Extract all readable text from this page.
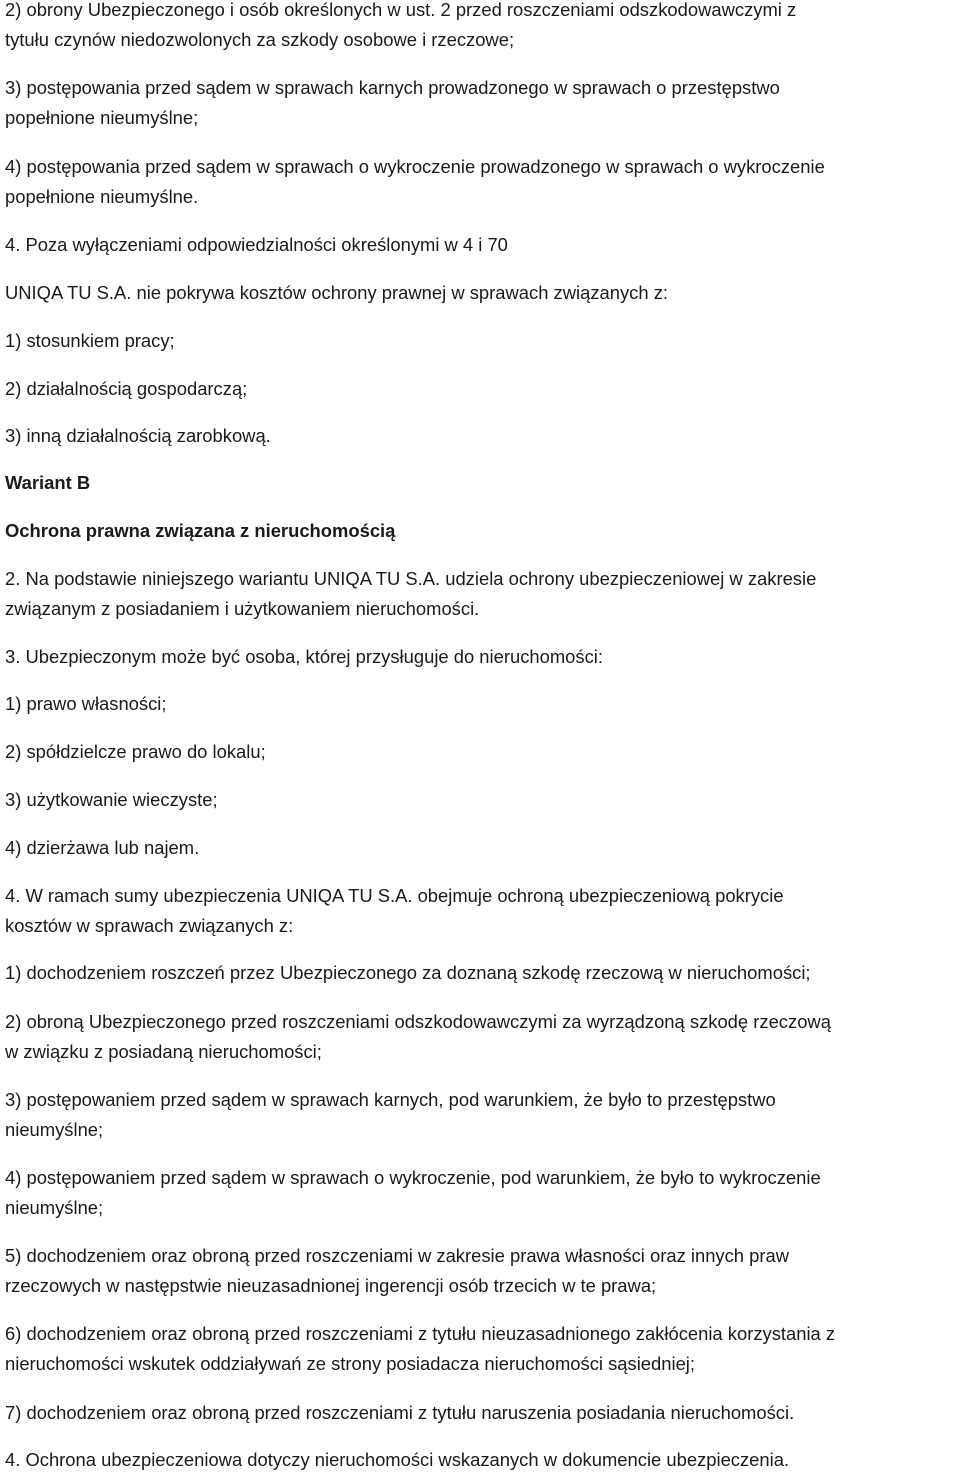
2) obrony Ubezpieczonego i osób określonych w ust. 2 przed roszczeniami odszkodowawczymi z

tytułu czynów niedozwolonych za szkody osobowe i rzeczowe;

3) postępowania przed sądem w sprawach karnych prowadzonego w sprawach o przestępstwo

popełnione nieumyślne;

4) postępowania przed sądem w sprawach o wykroczenie prowadzonego w sprawach o wykroczenie

popełnione nieumyślne.

4. Poza wyłączeniami odpowiedzialności określonymi w 4 i 70

UNIQA TU S.A. nie pokrywa kosztów ochrony prawnej w sprawach związanych z:

1) stosunkiem pracy;

2) działalnością gospodarczą;

3) inną działalnością zarobkową.

Wariant B

Ochrona prawna związana z nieruchomością

2. Na podstawie niniejszego wariantu UNIQA TU S.A. udziela ochrony ubezpieczeniowej w zakresie

związanym z posiadaniem i użytkowaniem nieruchomości.

3. Ubezpieczonym może być osoba, której przysługuje do nieruchomości:

1) prawo własności;

2) spółdzielcze prawo do lokalu;

3) użytkowanie wieczyste;

4) dzierżawa lub najem.

4. W ramach sumy ubezpieczenia UNIQA TU S.A. obejmuje ochroną ubezpieczeniową pokrycie

kosztów w sprawach związanych z:

1) dochodzeniem roszczeń przez Ubezpieczonego za doznaną szkodę rzeczową w nieruchomości;

2) obroną Ubezpieczonego przed roszczeniami odszkodowawczymi za wyrządzoną szkodę rzeczową

w związku z posiadaną nieruchomości;

3) postępowaniem przed sądem w sprawach karnych, pod warunkiem, że było to przestępstwo

nieumyślne;

4) postępowaniem przed sądem w sprawach o wykroczenie, pod warunkiem, że było to wykroczenie

nieumyślne;

5) dochodzeniem oraz obroną przed roszczeniami w zakresie prawa własności oraz innych praw

rzeczowych w następstwie nieuzasadnionej ingerencji osób trzecich w te prawa;

6) dochodzeniem oraz obroną przed roszczeniami z tytułu nieuzasadnionego zakłócenia korzystania z

nieruchomości wskutek oddziaływań ze strony posiadacza nieruchomości sąsiedniej;

7) dochodzeniem oraz obroną przed roszczeniami z tytułu naruszenia posiadania nieruchomości.

4. Ochrona ubezpieczeniowa dotyczy nieruchomości wskazanych w dokumencie ubezpieczenia.
